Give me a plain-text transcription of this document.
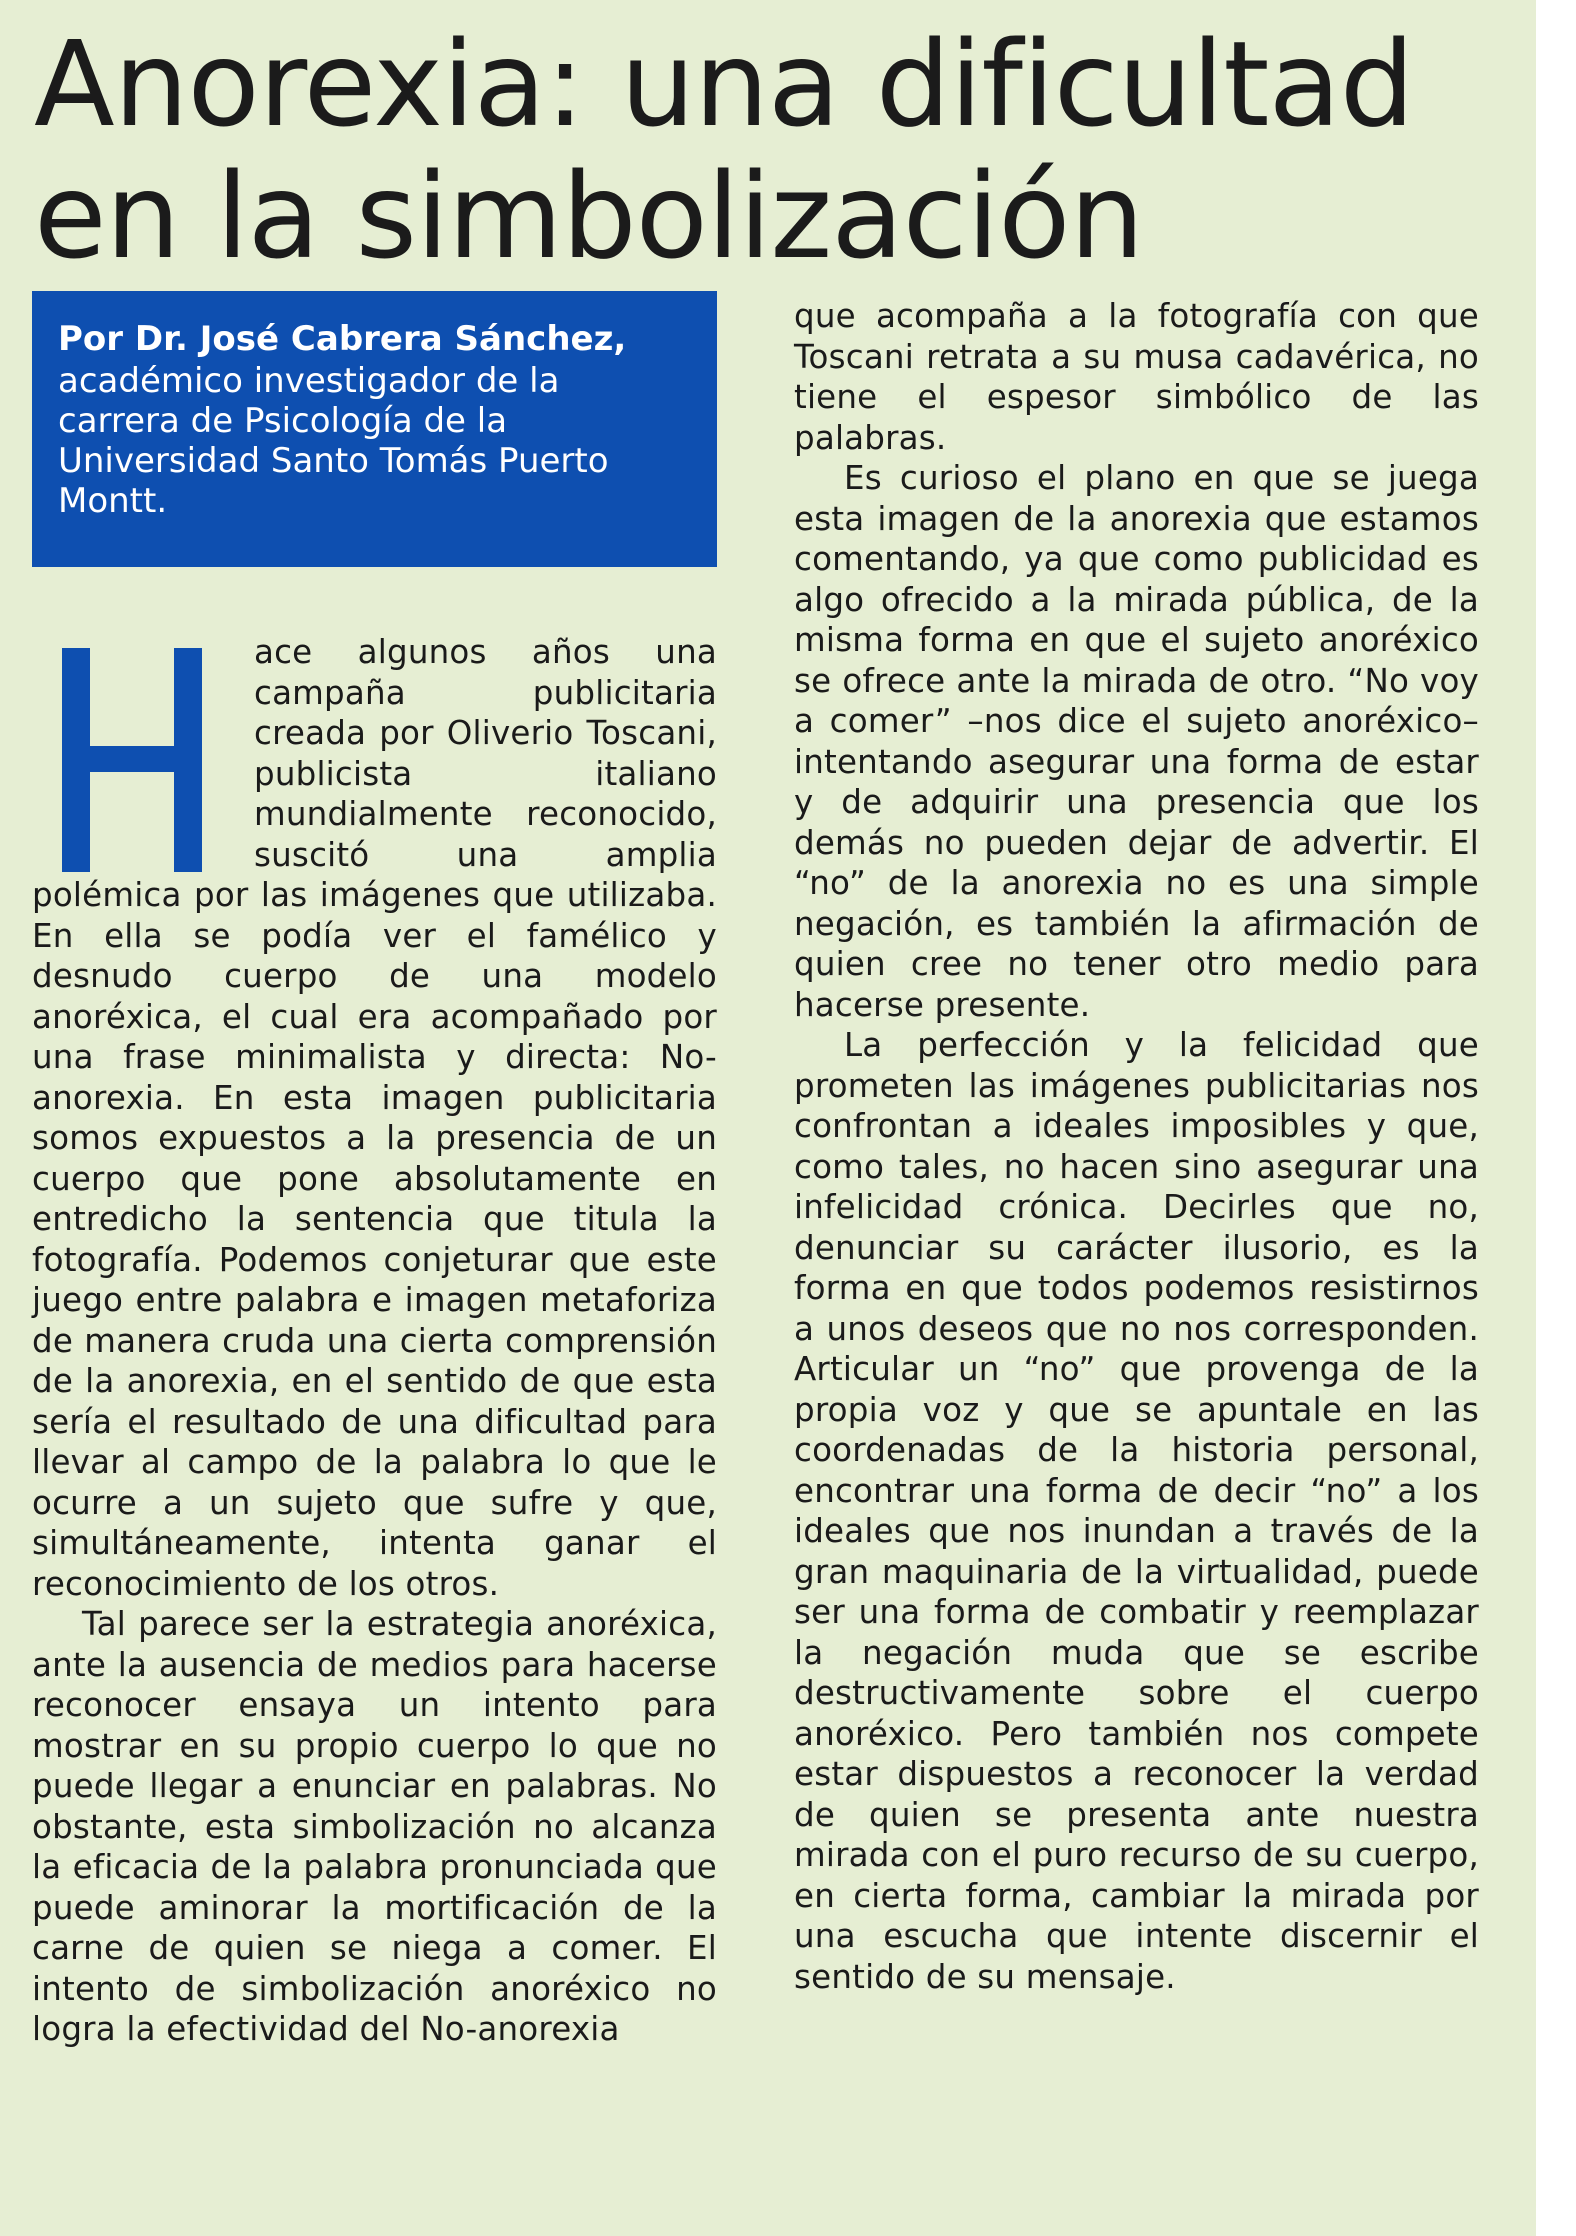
Anorexia: una dificultad en la simbolización
Por Dr. José Cabrera Sánchez,
académico investigador de la carrera de Psicología de la Universidad Santo Tomás Puerto Montt.

H
ace algunos años una campaña publicitaria creada por Oliverio Toscani, publicista italiano mundialmente reconocido, suscitó una amplia polémica por las imágenes que utilizaba. En ella se podía ver el famélico y desnudo cuerpo de una modelo anoréxica, el cual era acompañado por una frase minimalista y directa: No-anorexia. En esta imagen publicitaria somos expuestos a la presencia de un cuerpo que pone absolutamente en entredicho la sentencia que titula la fotografía. Podemos conjeturar que este juego entre palabra e imagen metaforiza de manera cruda una cierta comprensión de la anorexia, en el sentido de que esta sería el resultado de una dificultad para llevar al campo de la palabra lo que le ocurre a un sujeto que sufre y que, simultáneamente, intenta ganar el reconocimiento de los otros.

Tal parece ser la estrategia anoréxica, ante la ausencia de medios para hacerse reconocer ensaya un intento para mostrar en su propio cuerpo lo que no puede llegar a enunciar en palabras. No obstante, esta simbolización no alcanza la eficacia de la palabra pronunciada que puede aminorar la mortificación de la carne de quien se niega a comer. El intento de simbolización anoréxico no logra la efectividad del No-anorexia

que acompaña a la fotografía con que Toscani retrata a su musa cadavérica, no tiene el espesor simbólico de las palabras.

Es curioso el plano en que se juega esta imagen de la anorexia que estamos comentando, ya que como publicidad es algo ofrecido a la mirada pública, de la misma forma en que el sujeto anoréxico se ofrece ante la mirada de otro. “No voy a comer” –nos dice el sujeto anoréxico– intentando asegurar una forma de estar y de adquirir una presencia que los demás no pueden dejar de advertir. El “no” de la anorexia no es una simple negación, es también la afirmación de quien cree no tener otro medio para hacerse presente.

La perfección y la felicidad que prometen las imágenes publicitarias nos confrontan a ideales imposibles y que, como tales, no hacen sino asegurar una infelicidad crónica. Decirles que no, denunciar su carácter ilusorio, es la forma en que todos podemos resistirnos a unos deseos que no nos corresponden. Articular un “no” que provenga de la propia voz y que se apuntale en las coordenadas de la historia personal, encontrar una forma de decir “no” a los ideales que nos inundan a través de la gran maquinaria de la virtualidad, puede ser una forma de combatir y reemplazar la negación muda que se escribe destructivamente sobre el cuerpo anoréxico. Pero también nos compete estar dispuestos a reconocer la verdad de quien se presenta ante nuestra mirada con el puro recurso de su cuerpo, en cierta forma, cambiar la mirada por una escucha que intente discernir el sentido de su mensaje.
